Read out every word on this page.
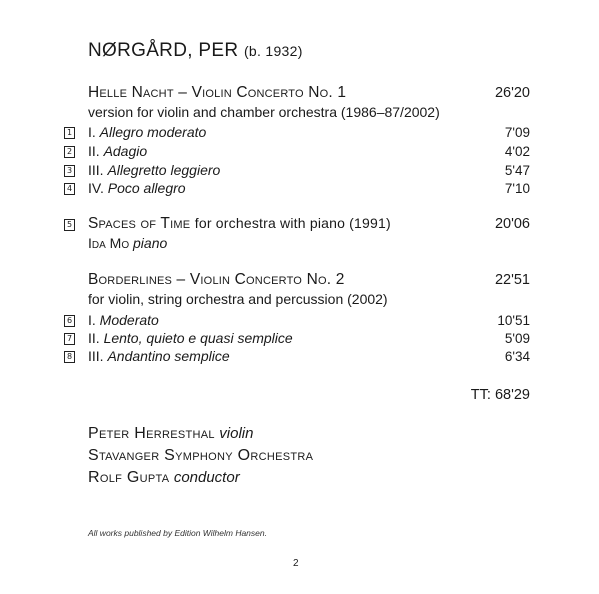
NØRGÅRD, PER (b. 1932)
Helle Nacht – Violin Concerto No. 1	26'20
version for violin and chamber orchestra (1986–87/2002)
1 I. Allegro moderato	7'09
2 II. Adagio	4'02
3 III. Allegretto leggiero	5'47
4 IV. Poco allegro	7'10
5 Spaces of Time for orchestra with piano (1991)	20'06
Ida Mo piano
Borderlines – Violin Concerto No. 2	22'51
for violin, string orchestra and percussion (2002)
6 I. Moderato	10'51
7 II. Lento, quieto e quasi semplice	5'09
8 III. Andantino semplice	6'34
TT: 68'29
Peter Herresthal violin
Stavanger Symphony Orchestra
Rolf Gupta conductor
All works published by Edition Wilhelm Hansen.
2
